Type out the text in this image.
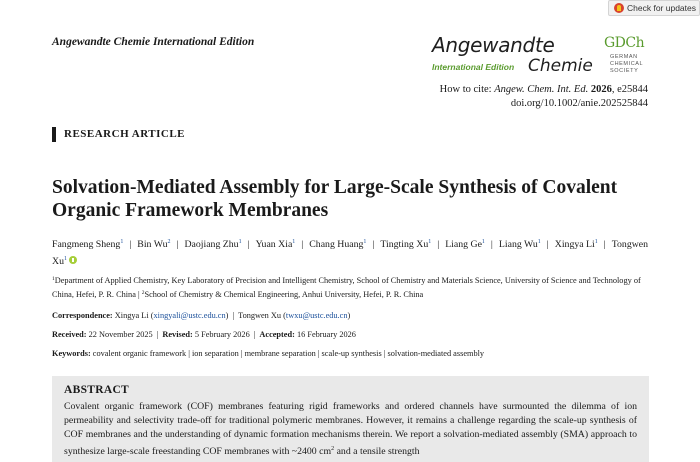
Check for updates
Angewandte Chemie International Edition	Angewandte
International Edition Chemie
GDCh
GERMAN
CHEMICAL SOCIETY
How to cite: Angew. Chem. Int. Ed. 2026, e25844
doi.org/10.1002/anie.202525844
RESEARCH ARTICLE
Solvation-Mediated Assembly for Large-Scale Synthesis of Covalent Organic Framework Membranes
Fangmeng Sheng$^1$ | Bin Wu$^2$ | Daojiang Zhu$^1$ | Yuan Xia$^1$ | Chang Huang$^1$ | Tingting Xu$^1$ | Liang Ge$^1$ | Liang Wu$^1$ | Xingya Li$^1$ | Tongwen Xu$^1$
$^1$Department of Applied Chemistry, Key Laboratory of Precision and Intelligent Chemistry, School of Chemistry and Materials Science, University of Science and Technology of China, Hefei, P. R. China | $^2$School of Chemistry & Chemical Engineering, Anhui University, Hefei, P. R. China
Correspondence: Xingya Li (xingyali@ustc.edu.cn) | Tongwen Xu (twxu@ustc.edu.cn)
Received: 22 November 2025 | Revised: 5 February 2026 | Accepted: 16 February 2026
Keywords: covalent organic framework | ion separation | membrane separation | scale-up synthesis | solvation-mediated assembly
ABSTRACT

Covalent organic framework (COF) membranes featuring rigid frameworks and ordered channels have surmounted the dilemma of ion permeability and selectivity trade-off for traditional polymeric membranes. However, it remains a challenge regarding the scale-up synthesis of COF membranes and the understanding of dynamic formation mechanisms therein. We report a solvation-mediated assembly (SMA) approach to synthesize large-scale freestanding COF membranes with ~2400 $cm^2$ and a tensile strength
